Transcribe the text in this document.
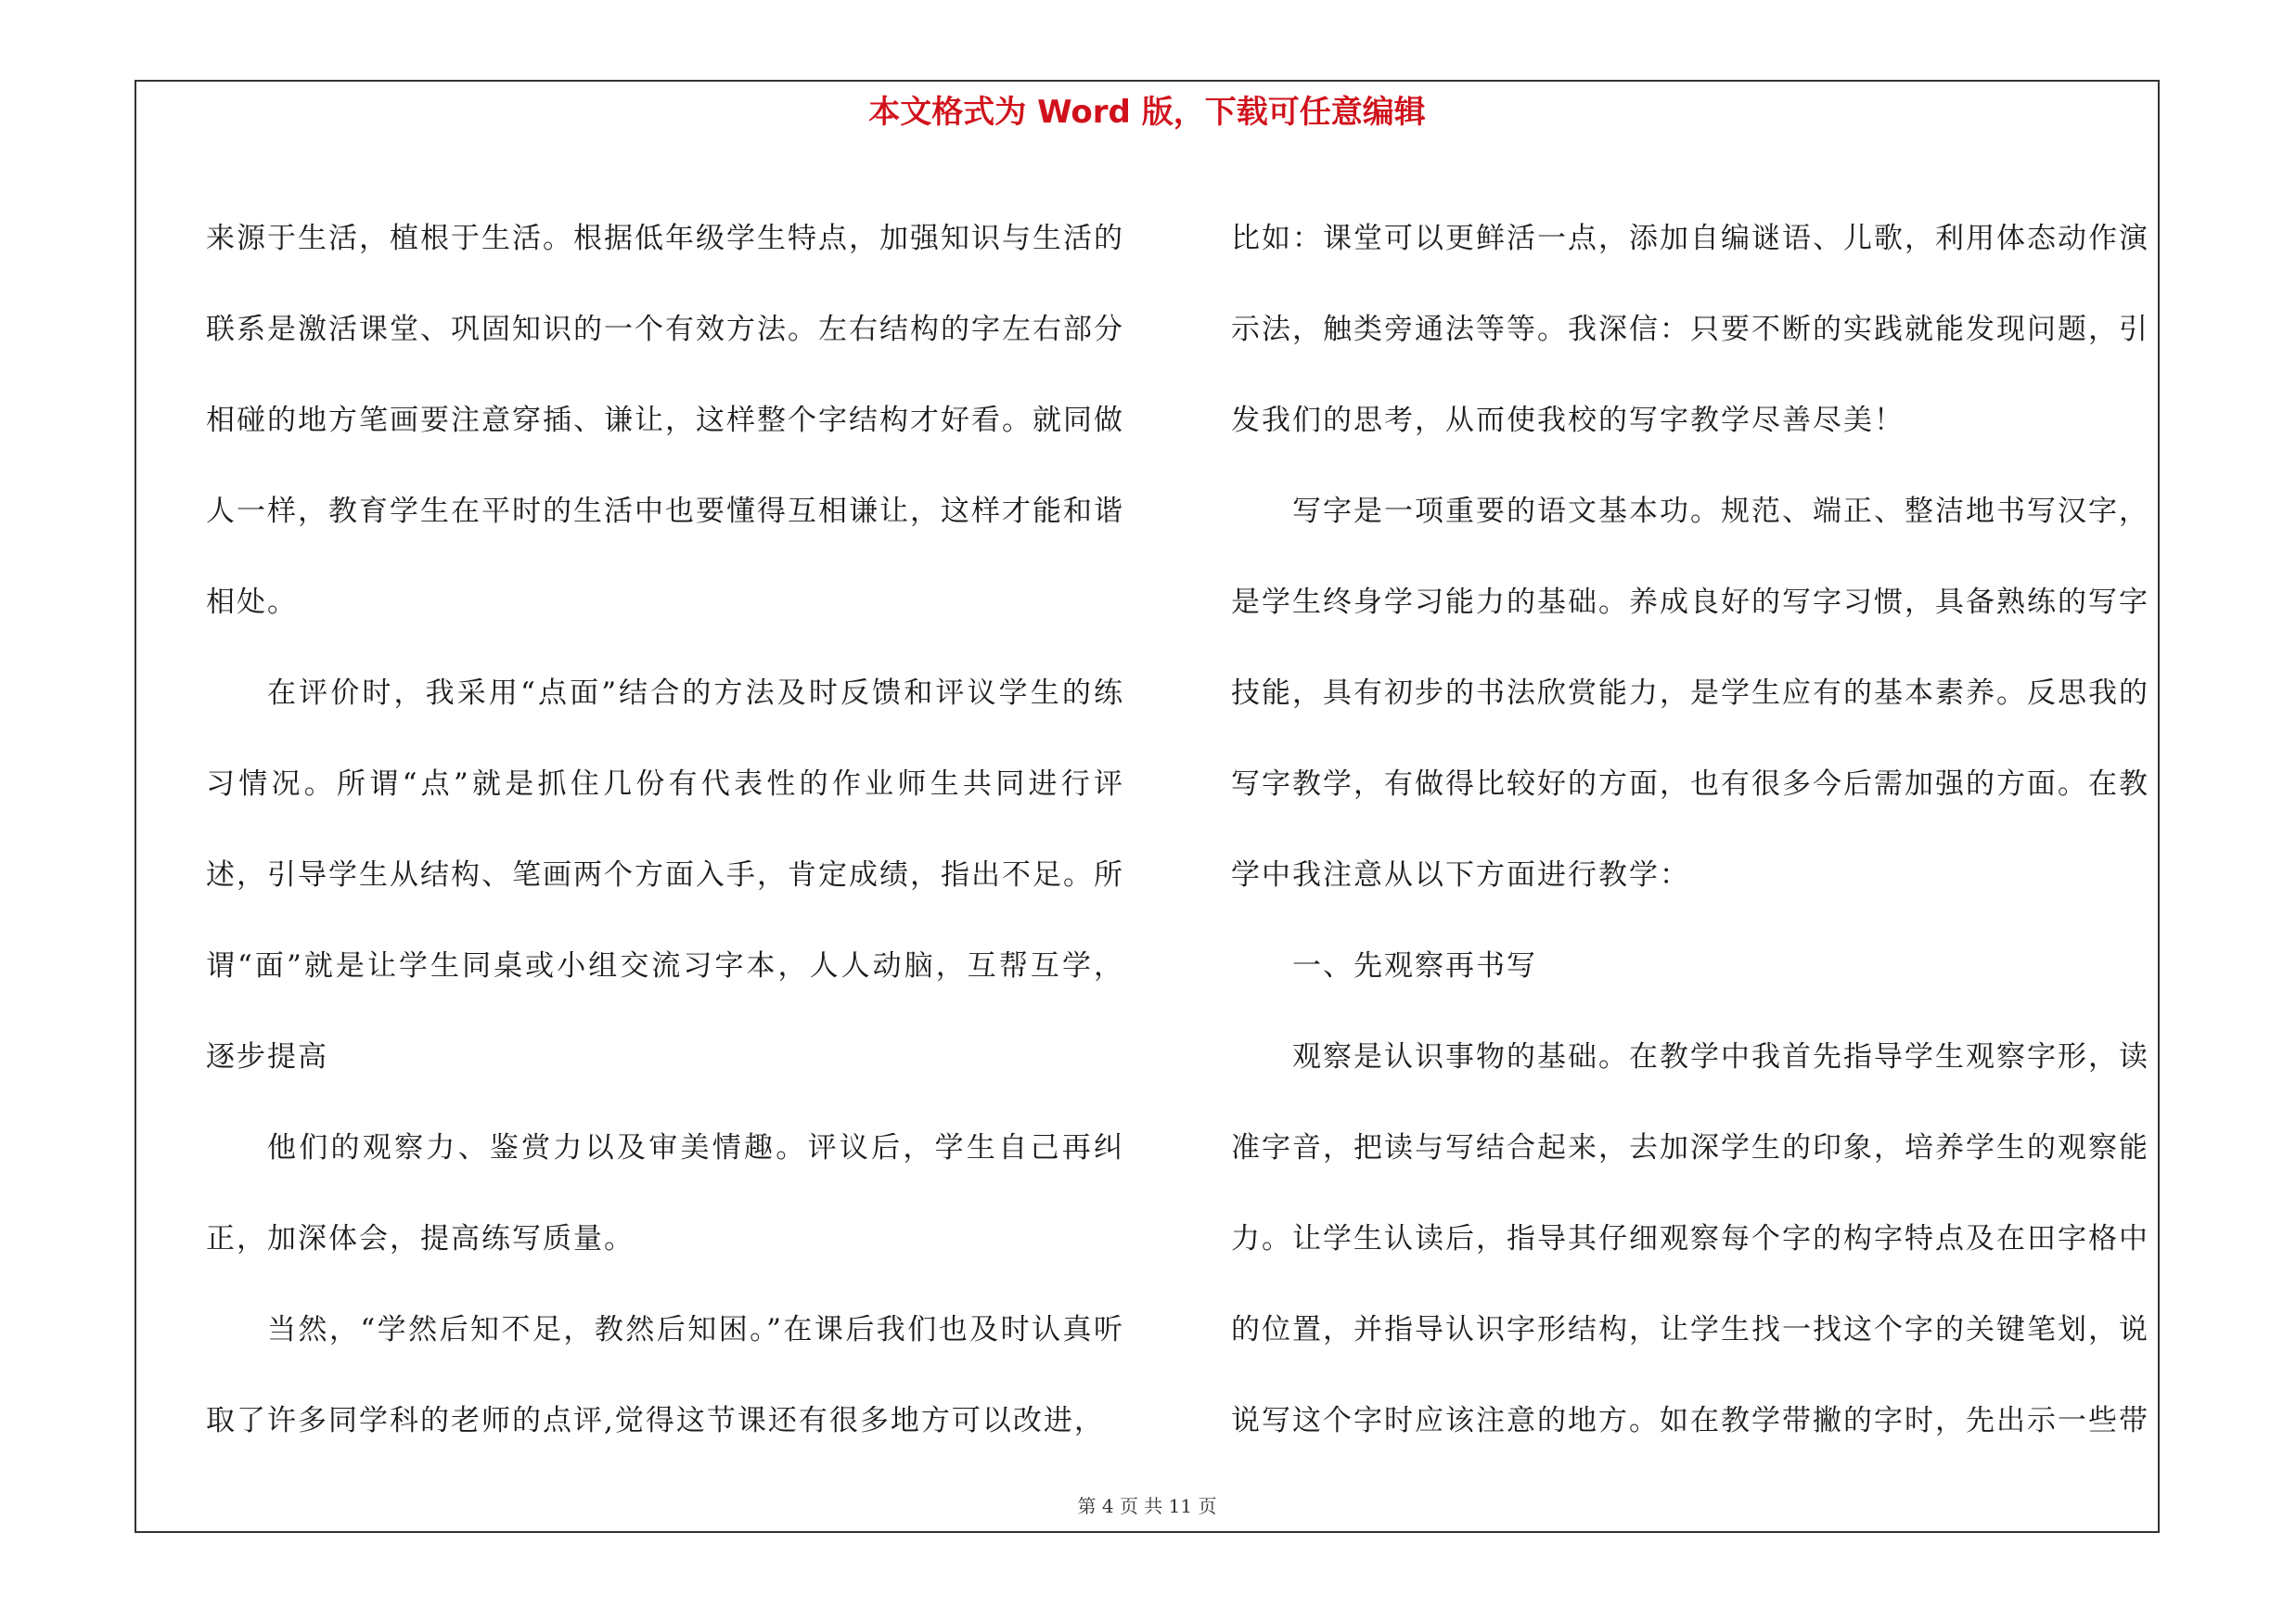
本文格式为 Word 版，下载可任意编辑

来源于生活，植根于生活。根据低年级学生特点，加强知识与生活的联系是激活课堂、巩固知识的一个有效方法。左右结构的字左右部分相碰的地方笔画要注意穿插、谦让，这样整个字结构才好看。就同做人一样，教育学生在平时的生活中也要懂得互相谦让，这样才能和谐相处。

在评价时，我采用“点面”结合的方法及时反馈和评议学生的练习情况。所谓“点”就是抓住几份有代表性的作业师生共同进行评述，引导学生从结构、笔画两个方面入手，肯定成绩，指出不足。所谓“面”就是让学生同桌或小组交流习字本，人人动脑，互帮互学，逐步提高

他们的观察力、鉴赏力以及审美情趣。评议后，学生自己再纠正，加深体会，提高练写质量。

当然，“学然后知不足，教然后知困。”在课后我们也及时认真听取了许多同学科的老师的点评,觉得这节课还有很多地方可以改进，

比如：课堂可以更鲜活一点，添加自编谜语、儿歌，利用体态动作演示法，触类旁通法等等。我深信：只要不断的实践就能发现问题，引发我们的思考，从而使我校的写字教学尽善尽美！

写字是一项重要的语文基本功。规范、端正、整洁地书写汉字，是学生终身学习能力的基础。养成良好的写字习惯，具备熟练的写字技能，具有初步的书法欣赏能力，是学生应有的基本素养。反思我的写字教学，有做得比较好的方面，也有很多今后需加强的方面。在教学中我注意从以下方面进行教学：

一、先观察再书写

观察是认识事物的基础。在教学中我首先指导学生观察字形，读准字音，把读与写结合起来，去加深学生的印象，培养学生的观察能力。让学生认读后，指导其仔细观察每个字的构字特点及在田字格中的位置，并指导认识字形结构，让学生找一找这个字的关键笔划，说说写这个字时应该注意的地方。如在教学带撇的字时，先出示一些带

第 4 页 共 11 页
